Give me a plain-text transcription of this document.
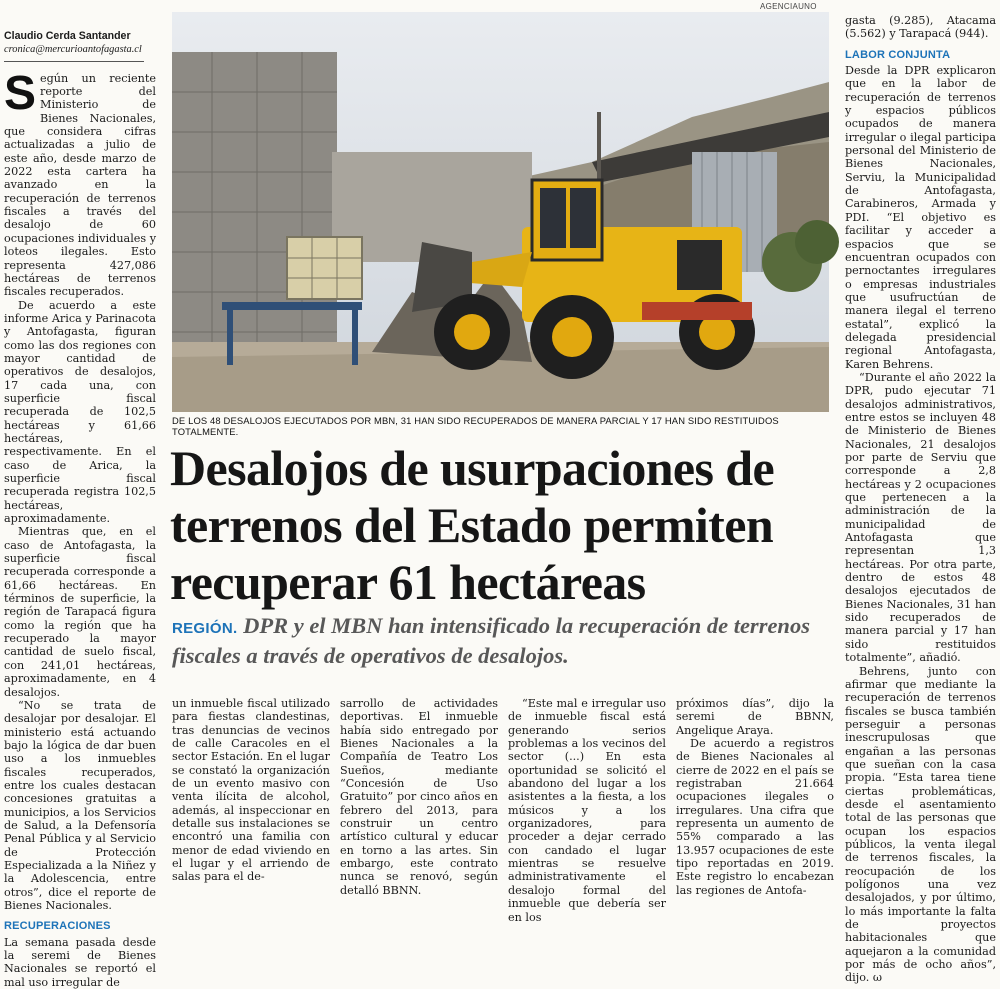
Claudio Cerda Santander
cronica@mercurioantofagasta.cl

Según un reciente reporte del Ministerio de Bienes Nacionales, que considera cifras actualizadas a julio de este año, desde marzo de 2022 esta cartera ha avanzado en la recuperación de terrenos fiscales a través del desalojo de 60 ocupaciones individuales y loteos ilegales. Esto representa 427,086 hectáreas de terrenos fiscales recuperados.

De acuerdo a este informe Arica y Parinacota y Antofagasta, figuran como las dos regiones con mayor cantidad de operativos de desalojos, 17 cada una, con superficie fiscal recuperada de 102,5 hectáreas y 61,66 hectáreas, respectivamente. En el caso de Arica, la superficie fiscal recuperada registra 102,5 hectáreas, aproximadamente.

Mientras que, en el caso de Antofagasta, la superficie fiscal recuperada corresponde a 61,66 hectáreas. En términos de superficie, la región de Tarapacá figura como la región que ha recuperado la mayor cantidad de suelo fiscal, con 241,01 hectáreas, aproximadamente, en 4 desalojos.

“No se trata de desalojar por desalojar. El ministerio está actuando bajo la lógica de dar buen uso a los inmuebles fiscales recuperados, entre los cuales destacan concesiones gratuitas a municipios, a los Servicios de Salud, a la Defensoría Penal Pública y al Servicio de Protección Especializada a la Niñez y la Adolescencia, entre otros”, dice el reporte de Bienes Nacionales.

RECUPERACIONES

La semana pasada desde la seremi de Bienes Nacionales se reportó el mal uso irregular de

AGENCIAUNO
DE LOS 48 DESALOJOS EJECUTADOS POR MBN, 31 HAN SIDO RECUPERADOS DE MANERA PARCIAL Y 17 HAN SIDO RESTITUIDOS TOTALMENTE.
Desalojos de usurpaciones de terrenos del Estado permiten recuperar 61 hectáreas
REGIÓN. DPR y el MBN han intensificado la recuperación de terrenos fiscales a través de operativos de desalojos.

un inmueble fiscal utilizado para fiestas clandestinas, tras denuncias de vecinos de calle Caracoles en el sector Estación. En el lugar se constató la organización de un evento masivo con venta ilícita de alcohol, además, al inspeccionar en detalle sus instalaciones se encontró una familia con menor de edad viviendo en el lugar y el arriendo de salas para el de-

sarrollo de actividades deportivas. El inmueble había sido entregado por Bienes Nacionales a la Compañía de Teatro Los Sueños, mediante “Concesión de Uso Gratuito” por cinco años en febrero del 2013, para construir un centro artístico cultural y educar en torno a las artes. Sin embargo, este contrato nunca se renovó, según detalló BBNN.

“Este mal e irregular uso de inmueble fiscal está generando serios problemas a los vecinos del sector (...) En esta oportunidad se solicitó el abandono del lugar a los asistentes a la fiesta, a los músicos y a los organizadores, para proceder a dejar cerrado con candado el lugar mientras se resuelve administrativamente el desalojo formal del inmueble que debería ser en los

próximos días”, dijo la seremi de BBNN, Angelique Araya.

De acuerdo a registros de Bienes Nacionales al cierre de 2022 en el país se registraban 21.664 ocupaciones ilegales o irregulares. Una cifra que representa un aumento de 55% comparado a las 13.957 ocupaciones de este tipo reportadas en 2019. Este registro lo encabezan las regiones de Antofa-

gasta (9.285), Atacama (5.562) y Tarapacá (944).

LABOR CONJUNTA

Desde la DPR explicaron que en la labor de recuperación de terrenos y espacios públicos ocupados de manera irregular o ilegal participa personal del Ministerio de Bienes Nacionales, Serviu, la Municipalidad de Antofagasta, Carabineros, Armada y PDI. “El objetivo es facilitar y acceder a espacios que se encuentran ocupados con pernoctantes irregulares o empresas industriales que usufructúan de manera ilegal el terreno estatal”, explicó la delegada presidencial regional Antofagasta, Karen Behrens.

“Durante el año 2022 la DPR, pudo ejecutar 71 desalojos administrativos, entre estos se incluyen 48 de Ministerio de Bienes Nacionales, 21 desalojos por parte de Serviu que corresponde a 2,8 hectáreas y 2 ocupaciones que pertenecen a la administración de la municipalidad de Antofagasta que representan 1,3 hectáreas. Por otra parte, dentro de estos 48 desalojos ejecutados de Bienes Nacionales, 31 han sido recuperados de manera parcial y 17 han sido restituidos totalmente”, añadió.

Behrens, junto con afirmar que mediante la recuperación de terrenos fiscales se busca también perseguir a personas inescrupulosas que engañan a las personas que sueñan con la casa propia. “Esta tarea tiene ciertas problemáticas, desde el asentamiento total de las personas que ocupan los espacios públicos, la venta ilegal de terrenos fiscales, la reocupación de los polígonos una vez desalojados, y por último, lo más importante la falta de proyectos habitacionales que aquejaron a la comunidad por más de ocho años”, dijo. ω
